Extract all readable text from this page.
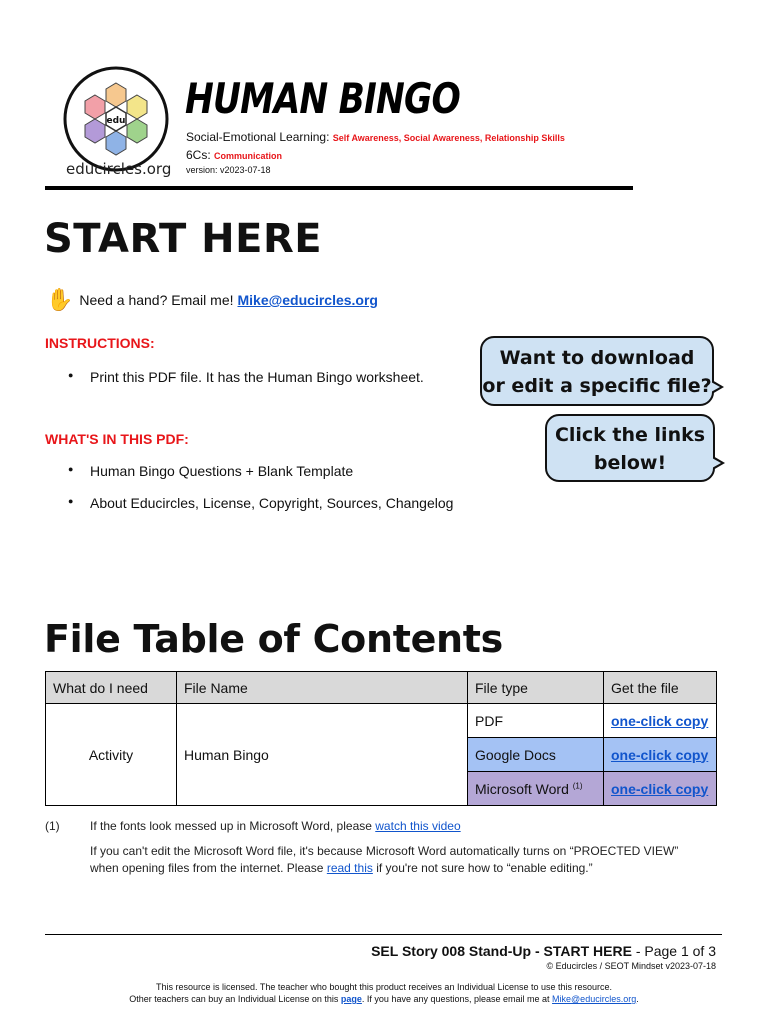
edu
educircles.org
HUMAN BINGO
Social-Emotional Learning: Self Awareness, Social Awareness, Relationship Skills
6Cs: Communication
version: v2023-07-18
START HERE
✋ Need a hand? Email me! Mike@educircles.org
INSTRUCTIONS:
● Print this PDF file. It has the Human Bingo worksheet.
WHAT'S IN THIS PDF:
● Human Bingo Questions + Blank Template
● About Educircles, License, Copyright, Sources, Changelog
Want to download
or edit a specific file?
Click the links
below!
File Table of Contents
What do I need	File Name	File type	Get the file
Activity	Human Bingo	PDF	one-click copy
		Google Docs	one-click copy
		Microsoft Word $^{(1)}$	one-click copy
(1)	If the fonts look messed up in Microsoft Word, please watch this video
If you can't edit the Microsoft Word file, it's because Microsoft Word automatically turns on “PROECTED VIEW”
when opening files from the internet. Please read this if you're not sure how to “enable editing.”
SEL Story 008 Stand-Up - START HERE - Page 1 of 3
© Educircles / SEOT Mindset v2023-07-18
This resource is licensed. The teacher who bought this product receives an Individual License to use this resource.
Other teachers can buy an Individual License on this page. If you have any questions, please email me at Mike@educircles.org.
